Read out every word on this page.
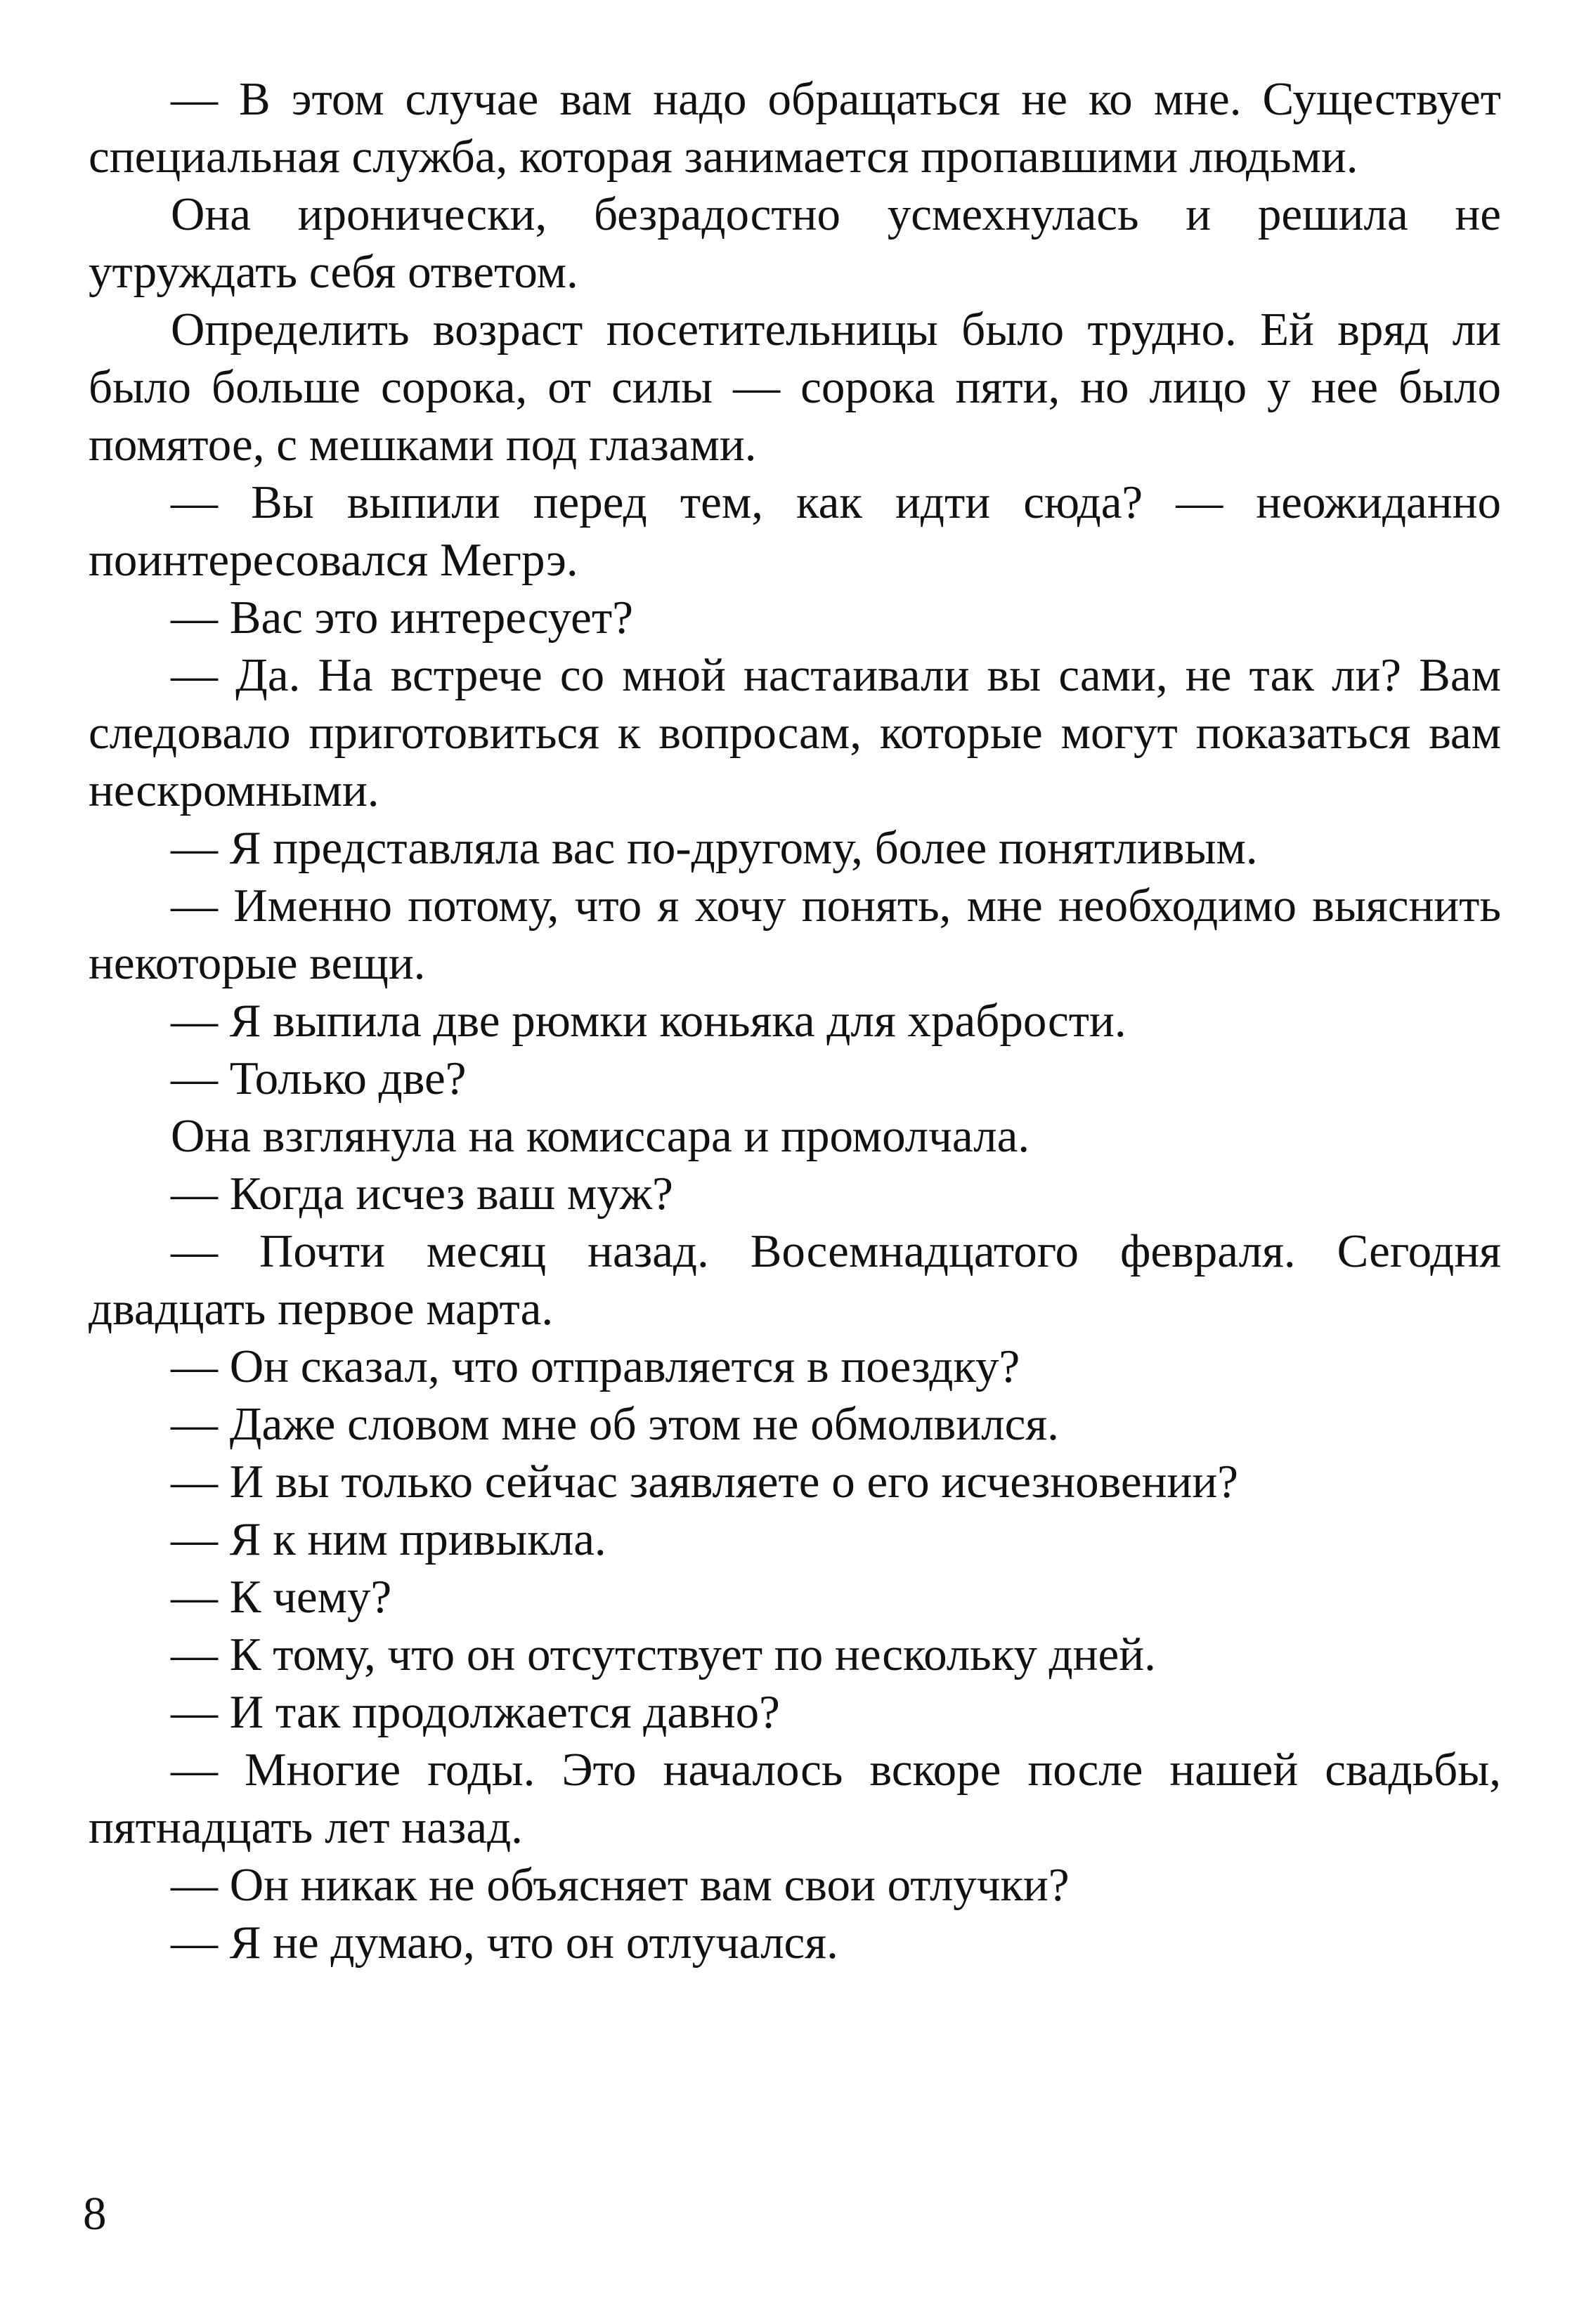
— В этом случае вам надо обращаться не ко мне. Существует специальная служба, которая занимается пропавшими людьми.

Она иронически, безрадостно усмехнулась и решила не утруждать себя ответом.

Определить возраст посетительницы было трудно. Ей вряд ли было больше сорока, от силы — сорока пяти, но лицо у нее было помятое, с мешками под глазами.

— Вы выпили перед тем, как идти сюда? — неожиданно поинтересовался Мегрэ.

— Вас это интересует?

— Да. На встрече со мной настаивали вы сами, не так ли? Вам следовало приготовиться к вопросам, которые могут показаться вам нескромными.

— Я представляла вас по-другому, более понятливым.

— Именно потому, что я хочу понять, мне необходимо выяснить некоторые вещи.

— Я выпила две рюмки коньяка для храбрости.

— Только две?

Она взглянула на комиссара и промолчала.

— Когда исчез ваш муж?

— Почти месяц назад. Восемнадцатого февраля. Сегодня двадцать первое марта.

— Он сказал, что отправляется в поездку?

— Даже словом мне об этом не обмолвился.

— И вы только сейчас заявляете о его исчезновении?

— Я к ним привыкла.

— К чему?

— К тому, что он отсутствует по нескольку дней.

— И так продолжается давно?

— Многие годы. Это началось вскоре после нашей свадьбы, пятнадцать лет назад.

— Он никак не объясняет вам свои отлучки?

— Я не думаю, что он отлучался.

8
